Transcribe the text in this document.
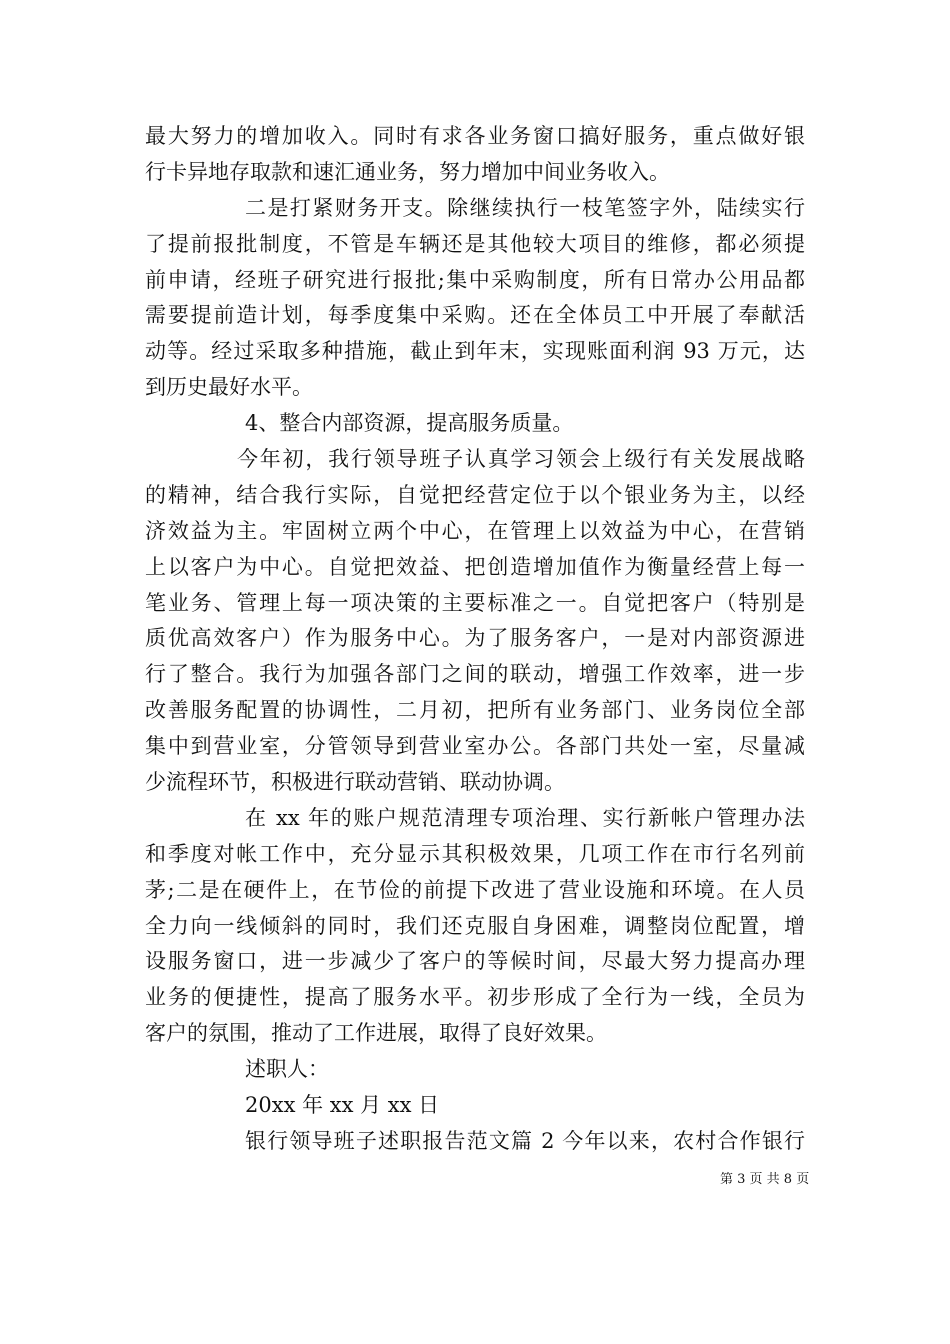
最大努力的增加收入。同时有求各业务窗口搞好服务，重点做好银
行卡异地存取款和速汇通业务，努力增加中间业务收入。
二是打紧财务开支。除继续执行一枝笔签字外，陆续实行
了提前报批制度，不管是车辆还是其他较大项目的维修，都必须提
前申请，经班子研究进行报批;集中采购制度，所有日常办公用品都
需要提前造计划，每季度集中采购。还在全体员工中开展了奉献活
动等。经过采取多种措施，截止到年末，实现账面利润 93 万元，达
到历史最好水平。
4、整合内部资源，提高服务质量。
今年初，我行领导班子认真学习领会上级行有关发展战略
的精神，结合我行实际，自觉把经营定位于以个银业务为主，以经
济效益为主。牢固树立两个中心，在管理上以效益为中心，在营销
上以客户为中心。自觉把效益、把创造增加值作为衡量经营上每一
笔业务、管理上每一项决策的主要标准之一。自觉把客户（特别是
质优高效客户）作为服务中心。为了服务客户，一是对内部资源进
行了整合。我行为加强各部门之间的联动，增强工作效率，进一步
改善服务配置的协调性，二月初，把所有业务部门、业务岗位全部
集中到营业室，分管领导到营业室办公。各部门共处一室，尽量减
少流程环节，积极进行联动营销、联动协调。
在 xx 年的账户规范清理专项治理、实行新帐户管理办法
和季度对帐工作中，充分显示其积极效果，几项工作在市行名列前
茅;二是在硬件上，在节俭的前提下改进了营业设施和环境。在人员
全力向一线倾斜的同时，我们还克服自身困难，调整岗位配置，增
设服务窗口，进一步减少了客户的等候时间，尽最大努力提高办理
业务的便捷性，提高了服务水平。初步形成了全行为一线，全员为
客户的氛围，推动了工作进展，取得了良好效果。
述职人：
20xx 年 xx 月 xx 日
银行领导班子述职报告范文篇 2 今年以来，农村合作银行
第 3 页 共 8 页
